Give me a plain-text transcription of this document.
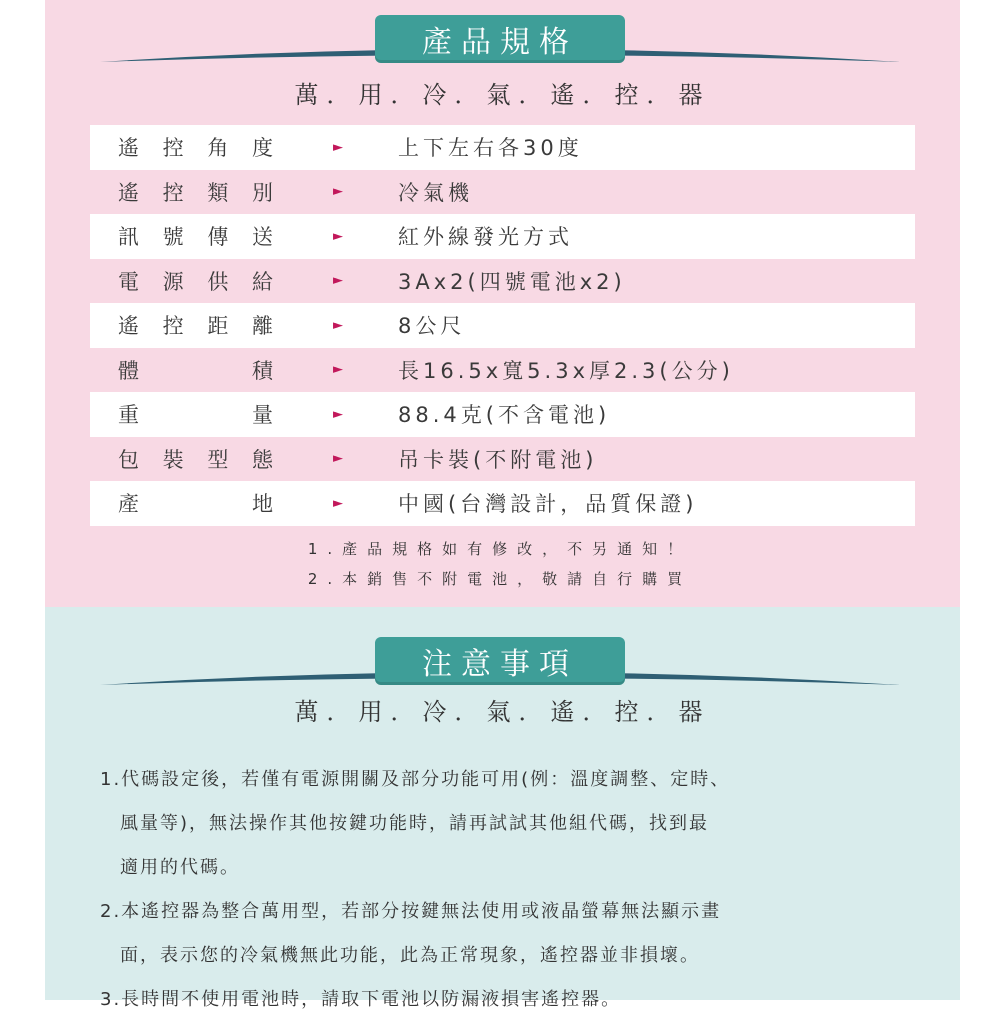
產品規格
萬．用．冷．氣．遙．控．器
遙 控 角 度	►	上下左右各30度
遙 控 類 別	►	冷氣機
訊 號 傳 送	►	紅外線發光方式
電 源 供 給	►	3Ax2(四號電池x2)
遙 控 距 離	►	8公尺
體	積	►	長16.5x寬5.3x厚2.3(公分)
重	量	►	88.4克(不含電池)
包 裝 型 態	►	吊卡裝(不附電池)
產	地	►	中國(台灣設計，品質保證)
1.產品規格如有修改，不另通知！
2.本銷售不附電池，敬請自行購買
注意事項
萬．用．冷．氣．遙．控．器
1.代碼設定後，若僅有電源開關及部分功能可用(例：溫度調整、定時、
風量等)，無法操作其他按鍵功能時，請再試試其他組代碼，找到最
適用的代碼。
2.本遙控器為整合萬用型，若部分按鍵無法使用或液晶螢幕無法顯示畫
面，表示您的冷氣機無此功能，此為正常現象，遙控器並非損壞。
3.長時間不使用電池時，請取下電池以防漏液損害遙控器。
